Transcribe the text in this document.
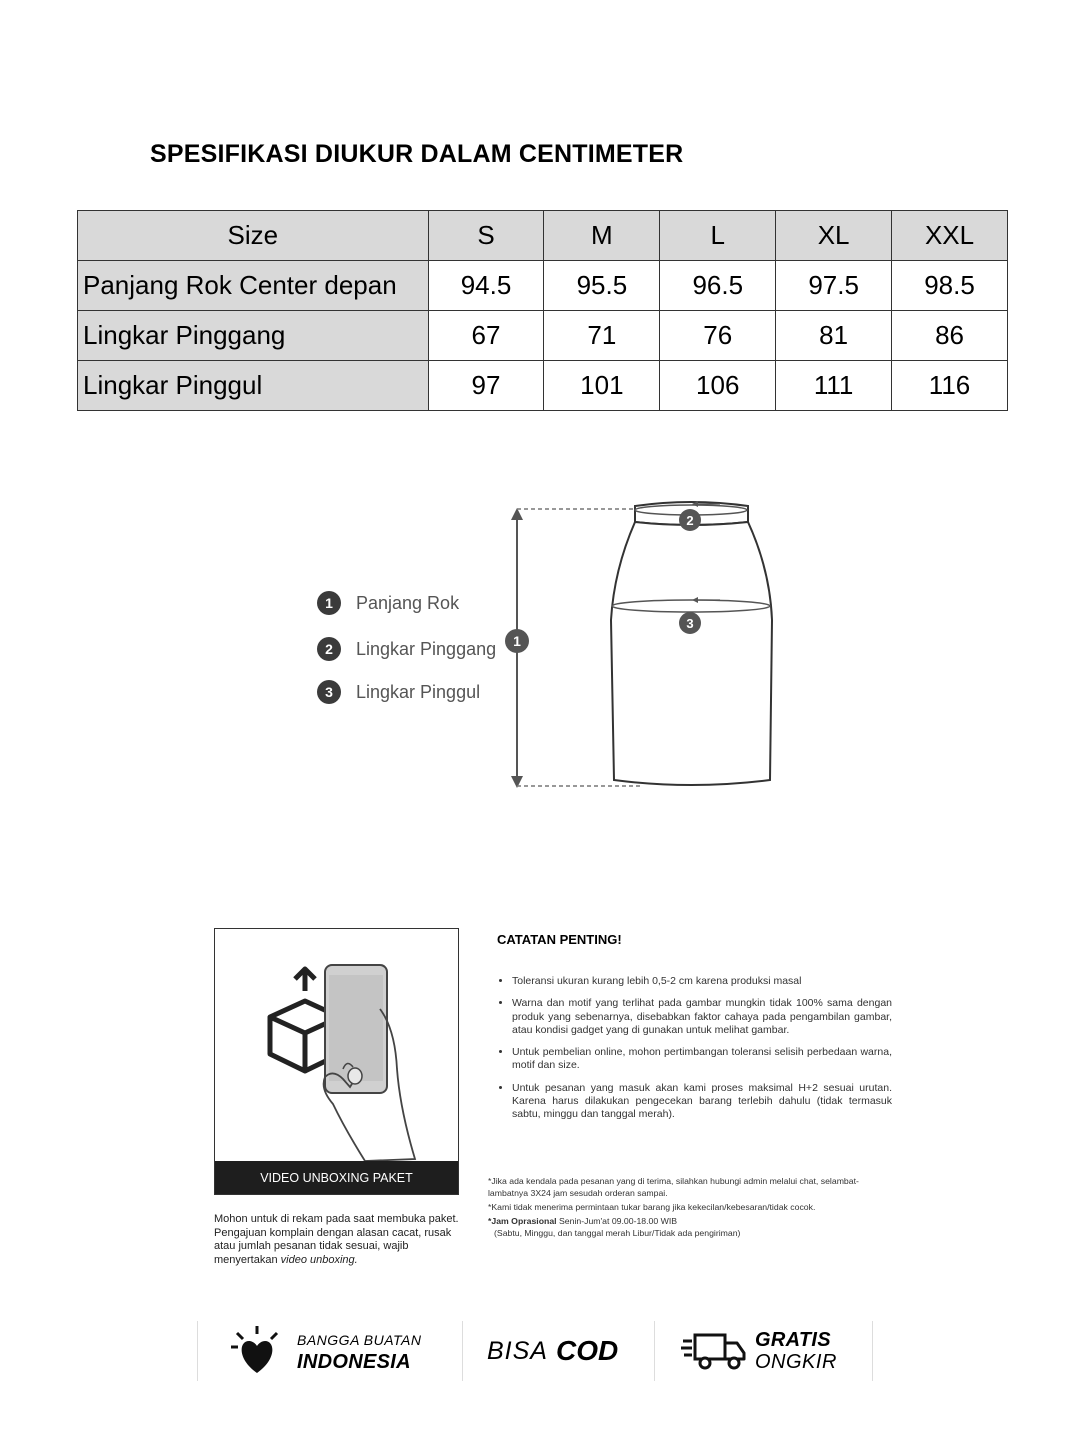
SPESIFIKASI DIUKUR DALAM CENTIMETER
Size	S	M	L	XL	XXL
Panjang Rok Center depan	94.5	95.5	96.5	97.5	98.5
Lingkar Pinggang	67	71	76	81	86
Lingkar Pinggul	97	101	106	111	116
1	Panjang Rok
2	Lingkar Pinggang
3	Lingkar Pinggul
1
2
3
VIDEO UNBOXING PAKET

Mohon untuk di rekam pada saat membuka paket. Pengajuan komplain dengan alasan cacat, rusak atau jumlah pesanan tidak sesuai, wajib menyertakan video unboxing.

CATATAN PENTING!

• Toleransi ukuran kurang lebih 0,5-2 cm karena produksi masal
• Warna dan motif yang terlihat pada gambar mungkin tidak 100% sama dengan produk yang sebenarnya, disebabkan faktor cahaya pada pengambilan gambar, atau kondisi gadget yang di gunakan untuk melihat gambar.
• Untuk pembelian online, mohon pertimbangan toleransi selisih perbedaan warna, motif dan size.
• Untuk pesanan yang masuk akan kami proses maksimal H+2 sesuai urutan. Karena harus dilakukan pengecekan barang terlebih dahulu (tidak termasuk sabtu, minggu dan tanggal merah).

*Jika ada kendala pada pesanan yang di terima, silahkan hubungi admin melalui chat, selambat-lambatnya 3X24 jam sesudah orderan sampai.

*Kami tidak menerima permintaan tukar barang jika kekecilan/kebesaran/tidak cocok.

*Jam Oprasional Senin-Jum'at 09.00-18.00 WIB

(Sabtu, Minggu, dan tanggal merah Libur/Tidak ada pengiriman)

BANGGA BUATAN
INDONESIA	BISA COD	GRATIS
ONGKIR
